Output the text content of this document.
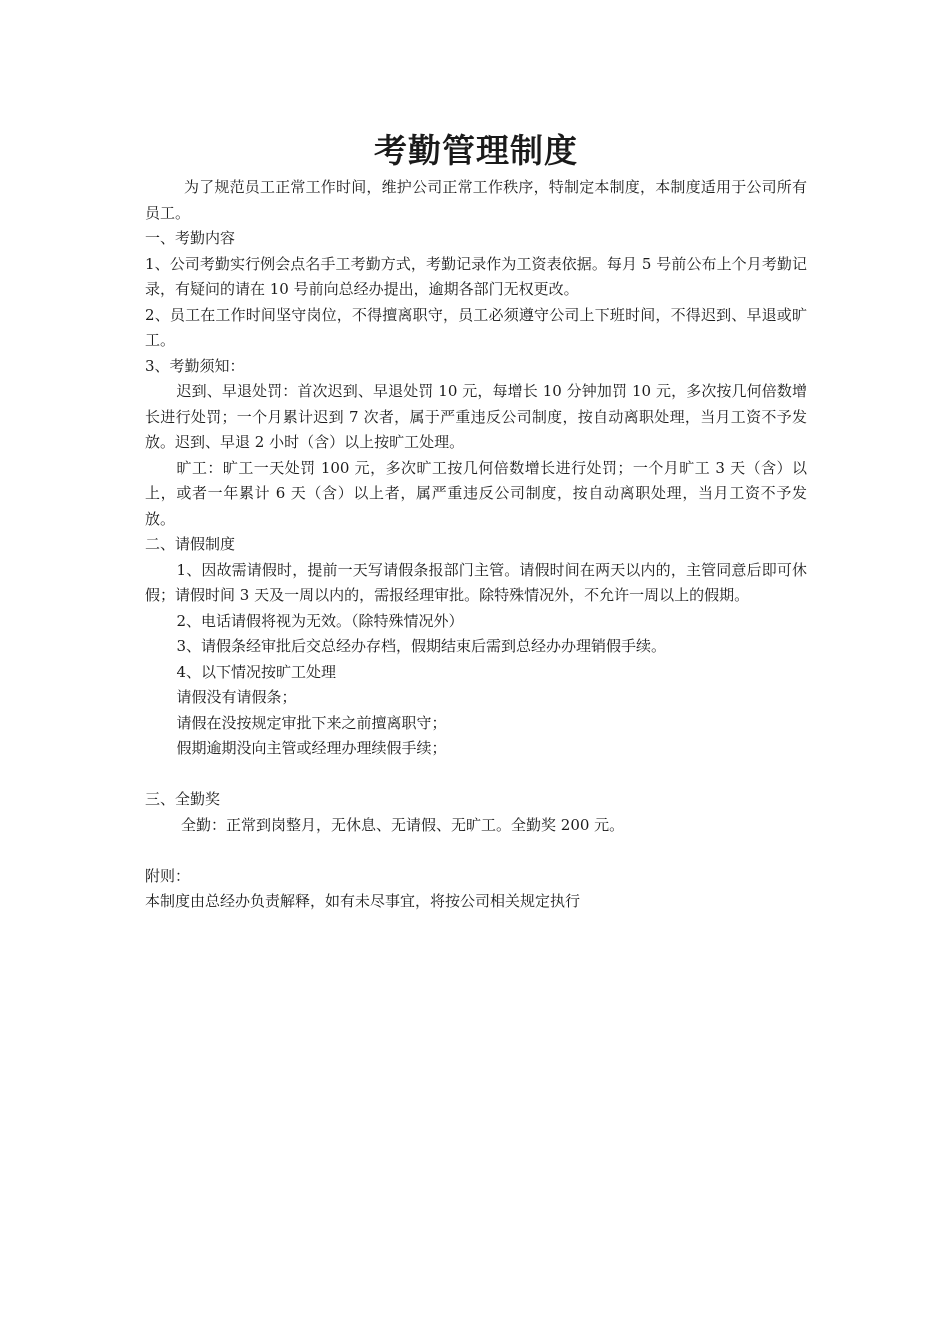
考勤管理制度

为了规范员工正常工作时间，维护公司正常工作秩序，特制定本制度，本制度适用于公司所有员工。

一、考勤内容

1、公司考勤实行例会点名手工考勤方式，考勤记录作为工资表依据。每月 5 号前公布上个月考勤记录，有疑问的请在 10 号前向总经办提出，逾期各部门无权更改。

2、员工在工作时间坚守岗位，不得擅离职守，员工必须遵守公司上下班时间，不得迟到、早退或旷工。

3、考勤须知：

迟到、早退处罚：首次迟到、早退处罚 10 元，每增长 10 分钟加罚 10 元，多次按几何倍数增长进行处罚；一个月累计迟到 7 次者，属于严重违反公司制度，按自动离职处理，当月工资不予发放。迟到、早退 2 小时（含）以上按旷工处理。

旷工：旷工一天处罚 100 元，多次旷工按几何倍数增长进行处罚；一个月旷工 3 天（含）以上，或者一年累计 6 天（含）以上者，属严重违反公司制度，按自动离职处理，当月工资不予发放。

二、请假制度

1、因故需请假时，提前一天写请假条报部门主管。请假时间在两天以内的，主管同意后即可休假；请假时间 3 天及一周以内的，需报经理审批。除特殊情况外，不允许一周以上的假期。

2、电话请假将视为无效。（除特殊情况外）

3、请假条经审批后交总经办存档，假期结束后需到总经办办理销假手续。

4、以下情况按旷工处理

请假没有请假条；

请假在没按规定审批下来之前擅离职守；

假期逾期没向主管或经理办理续假手续；

三、全勤奖

全勤：正常到岗整月，无休息、无请假、无旷工。全勤奖 200 元。

附则：

本制度由总经办负责解释，如有未尽事宜，将按公司相关规定执行
